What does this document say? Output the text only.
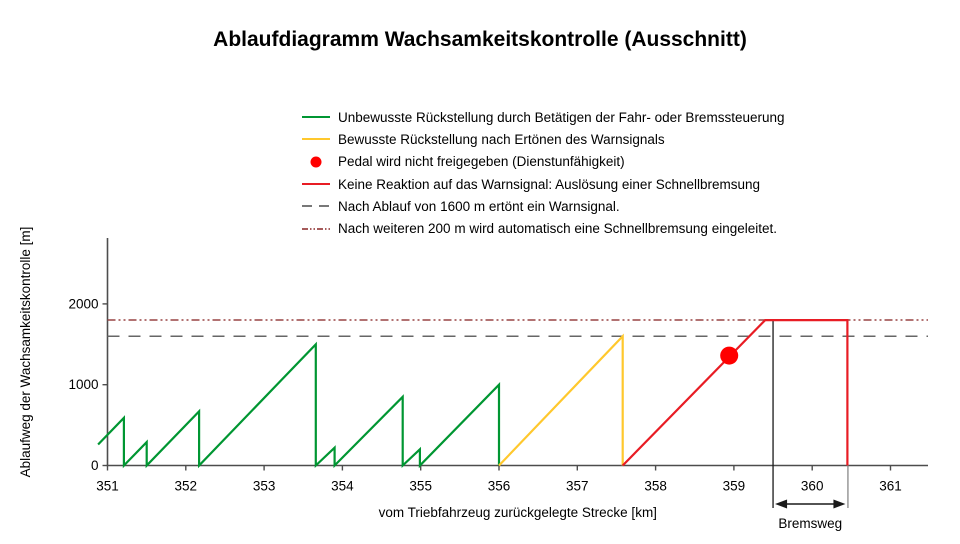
Ablaufdiagramm Wachsamkeitskontrolle (Ausschnitt)
Unbewusste Rückstellung durch Betätigen der Fahr- oder Bremssteuerung
Bewusste Rückstellung nach Ertönen des Warnsignals
Pedal wird nicht freigegeben (Dienstunfähigkeit)
Keine Reaktion auf das Warnsignal: Auslösung einer Schnellbremsung
Nach Ablauf von 1600 m ertönt ein Warnsignal.
Nach weiteren 200 m wird automatisch eine Schnellbremsung eingeleitet.
351	352	353	354	355	356	357	358	359	360	361
0
1000
2000
vom Triebfahrzeug zurückgelegte Strecke [km]
Ablaufweg der Wachsamkeitskontrolle [m]
Bremsweg
